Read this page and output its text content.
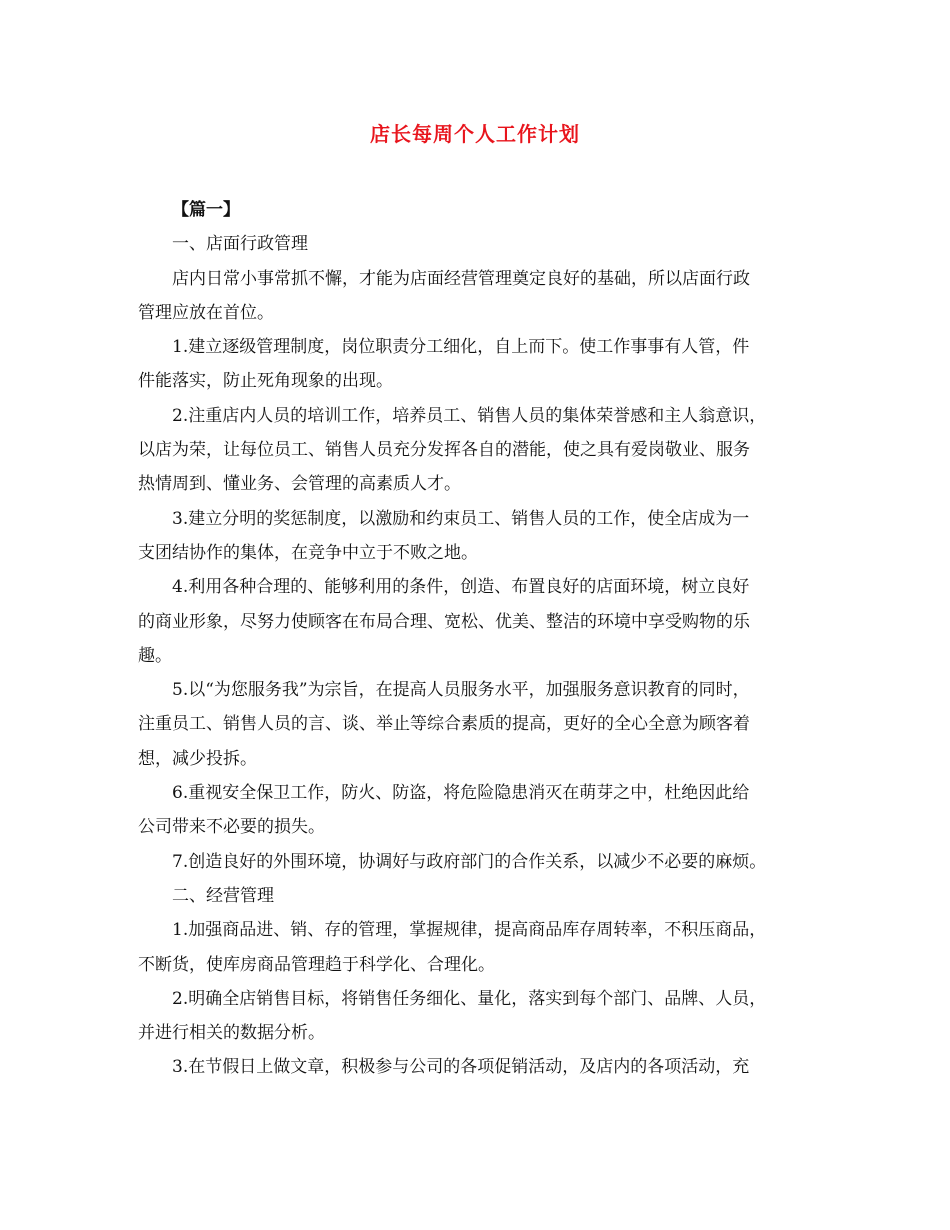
店长每周个人工作计划
【篇一】
一、店面行政管理
店内日常小事常抓不懈，才能为店面经营管理奠定良好的基础，所以店面行政
管理应放在首位。
1.建立逐级管理制度，岗位职责分工细化，自上而下。使工作事事有人管，件
件能落实，防止死角现象的出现。
2.注重店内人员的培训工作，培养员工、销售人员的集体荣誉感和主人翁意识，
以店为荣，让每位员工、销售人员充分发挥各自的潜能，使之具有爱岗敬业、服务
热情周到、懂业务、会管理的高素质人才。
3.建立分明的奖惩制度，以激励和约束员工、销售人员的工作，使全店成为一
支团结协作的集体，在竞争中立于不败之地。
4.利用各种合理的、能够利用的条件，创造、布置良好的店面环境，树立良好
的商业形象，尽努力使顾客在布局合理、宽松、优美、整洁的环境中享受购物的乐
趣。
5.以“为您服务我”为宗旨，在提高人员服务水平，加强服务意识教育的同时，
注重员工、销售人员的言、谈、举止等综合素质的提高，更好的全心全意为顾客着
想，减少投拆。
6.重视安全保卫工作，防火、防盗，将危险隐患消灭在萌芽之中，杜绝因此给
公司带来不必要的损失。
7.创造良好的外围环境，协调好与政府部门的合作关系，以减少不必要的麻烦。
二、经营管理
1.加强商品进、销、存的管理，掌握规律，提高商品库存周转率，不积压商品，
不断货，使库房商品管理趋于科学化、合理化。
2.明确全店销售目标，将销售任务细化、量化，落实到每个部门、品牌、人员，
并进行相关的数据分析。
3.在节假日上做文章，积极参与公司的各项促销活动，及店内的各项活动，充
